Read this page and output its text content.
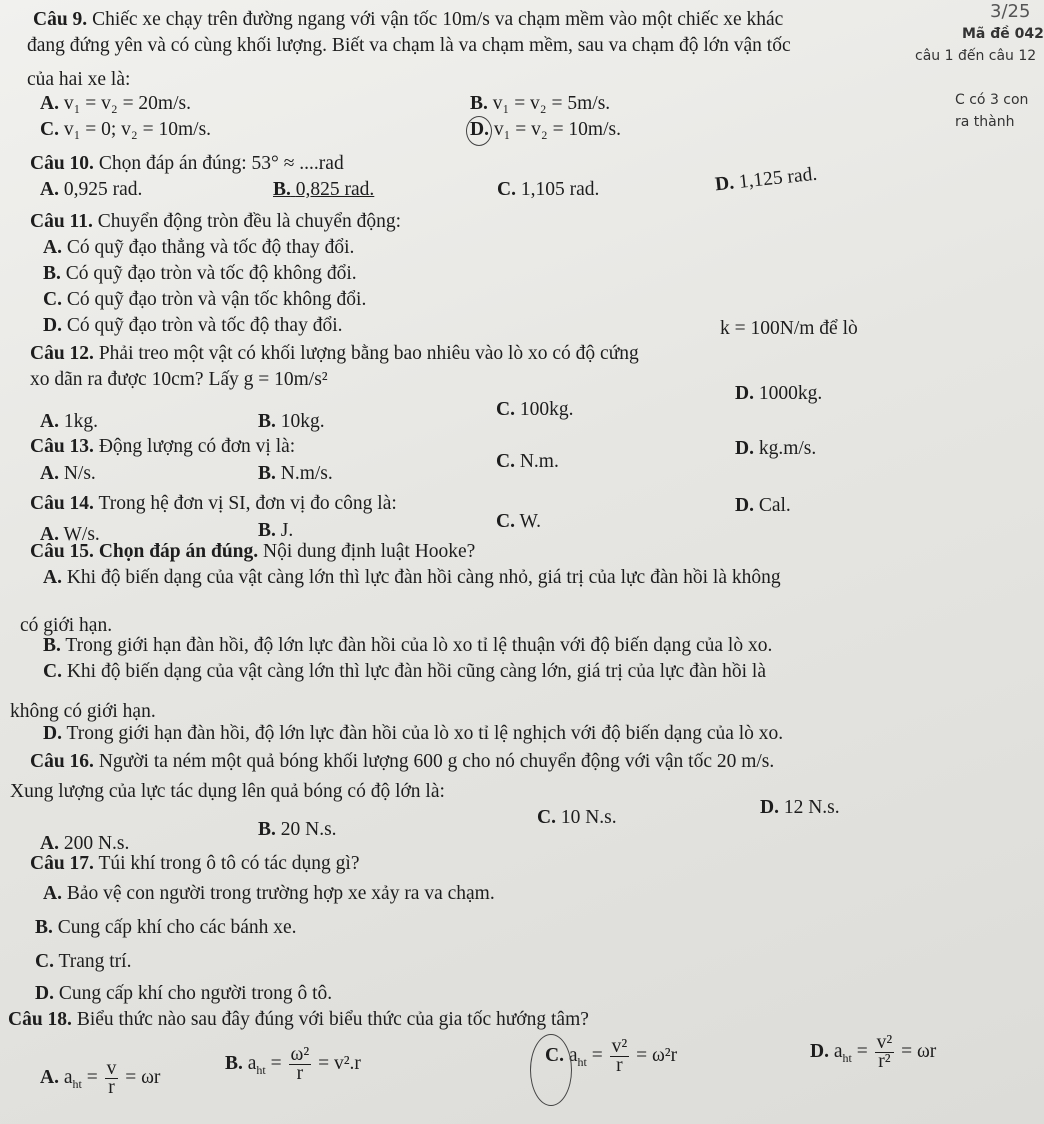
Câu 9. Chiếc xe chạy trên đường ngang với vận tốc 10m/s va chạm mềm vào một chiếc xe khác
đang đứng yên và có cùng khối lượng. Biết va chạm là va chạm mềm, sau va chạm độ lớn vận tốc
của hai xe là:
A. v₁ = v₂ = 20m/s.	B. v₁ = v₂ = 5m/s.
C. v₁ = 0; v₂ = 10m/s.	D. v₁ = v₂ = 10m/s.
Câu 10. Chọn đáp án đúng: 53° ≈ ....rad
A. 0,925 rad.	B. 0,825 rad.	C. 1,105 rad.	D. 1,125 rad.
Câu 11. Chuyển động tròn đều là chuyển động:
A. Có quỹ đạo thẳng và tốc độ thay đổi.
B. Có quỹ đạo tròn và tốc độ không đổi.
C. Có quỹ đạo tròn và vận tốc không đổi.
D. Có quỹ đạo tròn và tốc độ thay đổi.
Câu 12. Phải treo một vật có khối lượng bằng bao nhiêu vào lò xo có độ cứng
k = 100N/m để lò
xo dãn ra được 10cm? Lấy g = 10m/s²
A. 1kg.	B. 10kg.
C. 100kg.
D. 1000kg.
Câu 13. Động lượng có đơn vị là:
A. N/s.	B. N.m/s.
C. N.m.
D. kg.m/s.
Câu 14. Trong hệ đơn vị SI, đơn vị đo công là:
A. W/s.	B. J.	C. W.
D. Cal.
Câu 15. Chọn đáp án đúng. Nội dung định luật Hooke?
A. Khi độ biến dạng của vật càng lớn thì lực đàn hồi càng nhỏ, giá trị của lực đàn hồi là không
có giới hạn.
B. Trong giới hạn đàn hồi, độ lớn lực đàn hồi của lò xo tỉ lệ thuận với độ biến dạng của lò xo.
C. Khi độ biến dạng của vật càng lớn thì lực đàn hồi cũng càng lớn, giá trị của lực đàn hồi là
không có giới hạn.
D. Trong giới hạn đàn hồi, độ lớn lực đàn hồi của lò xo tỉ lệ nghịch với độ biến dạng của lò xo.
Câu 16. Người ta ném một quả bóng khối lượng 600 g cho nó chuyển động với vận tốc 20 m/s.
Xung lượng của lực tác dụng lên quả bóng có độ lớn là:
A. 200 N.s.
B. 20 N.s.
C. 10 N.s.	D. 12 N.s.
Câu 17. Túi khí trong ô tô có tác dụng gì?
A. Bảo vệ con người trong trường hợp xe xảy ra va chạm.
B. Cung cấp khí cho các bánh xe.
C. Trang trí.
D. Cung cấp khí cho người trong ô tô.
Câu 18. Biểu thức nào sau đây đúng với biểu thức của gia tốc hướng tâm?
A. $a_{ht} = \frac{v}{r} = \omega r$
B. $a_{ht} = \frac{\text{ω²}}{r} = v^2.r$	C. $a_{ht} = \frac{\text{v²}}{r} = \omega^2r$	D. $a_{ht} = \frac{\text{v²}}{\text{r²}} = \omega r$
3/25
Mã đề 042
câu 1 đến câu 12
C có 3 con
ra thành
